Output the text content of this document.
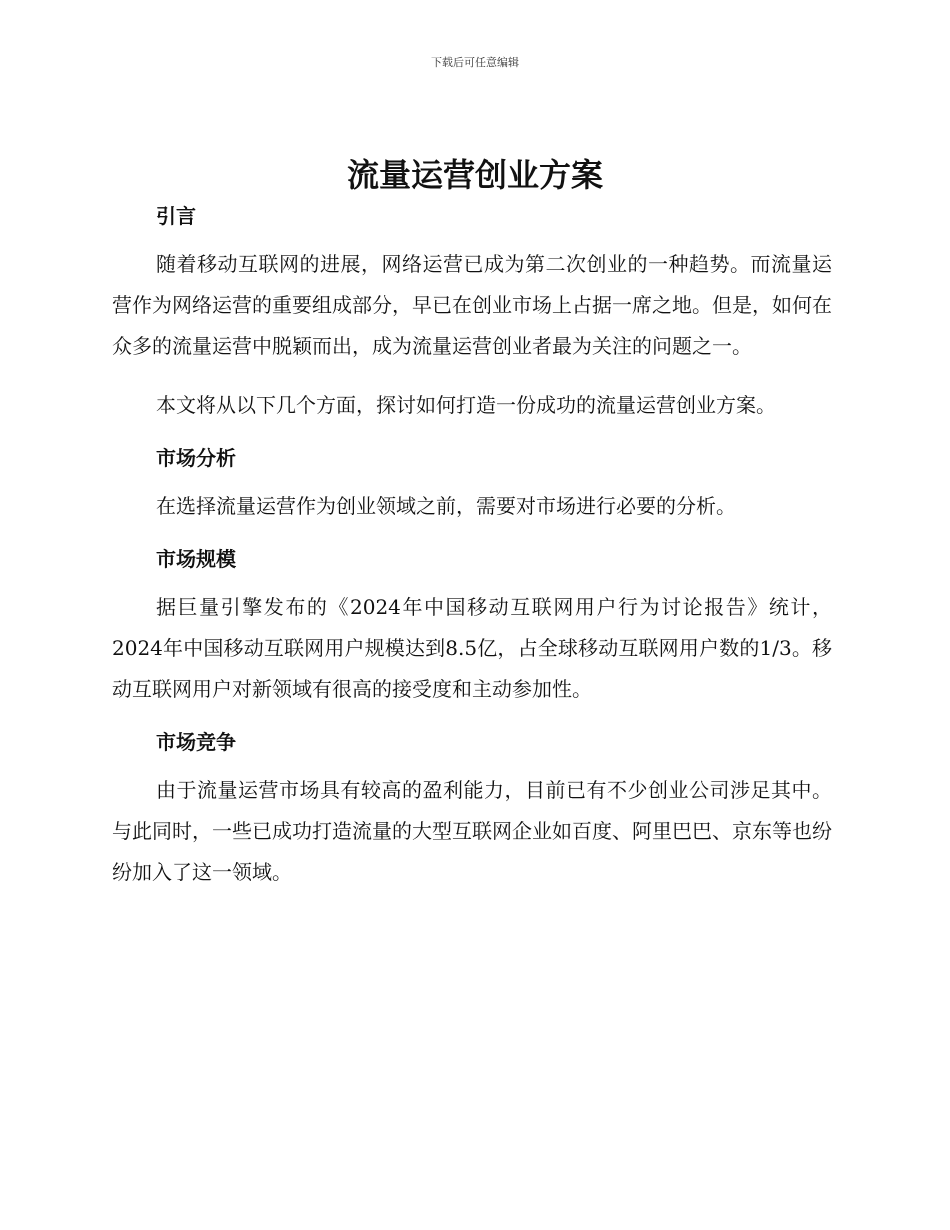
下载后可任意编辑
流量运营创业方案
引言

随着移动互联网的进展，网络运营已成为第二次创业的一种趋势。而流量运营作为网络运营的重要组成部分，早已在创业市场上占据一席之地。但是，如何在众多的流量运营中脱颖而出，成为流量运营创业者最为关注的问题之一。

本文将从以下几个方面，探讨如何打造一份成功的流量运营创业方案。

市场分析

在选择流量运营作为创业领域之前，需要对市场进行必要的分析。

市场规模

据巨量引擎发布的《2024年中国移动互联网用户行为讨论报告》统计，2024年中国移动互联网用户规模达到8.5亿，占全球移动互联网用户数的1/3。移动互联网用户对新领域有很高的接受度和主动参加性。

市场竞争

由于流量运营市场具有较高的盈利能力，目前已有不少创业公司涉足其中。与此同时，一些已成功打造流量的大型互联网企业如百度、阿里巴巴、京东等也纷纷加入了这一领域。
